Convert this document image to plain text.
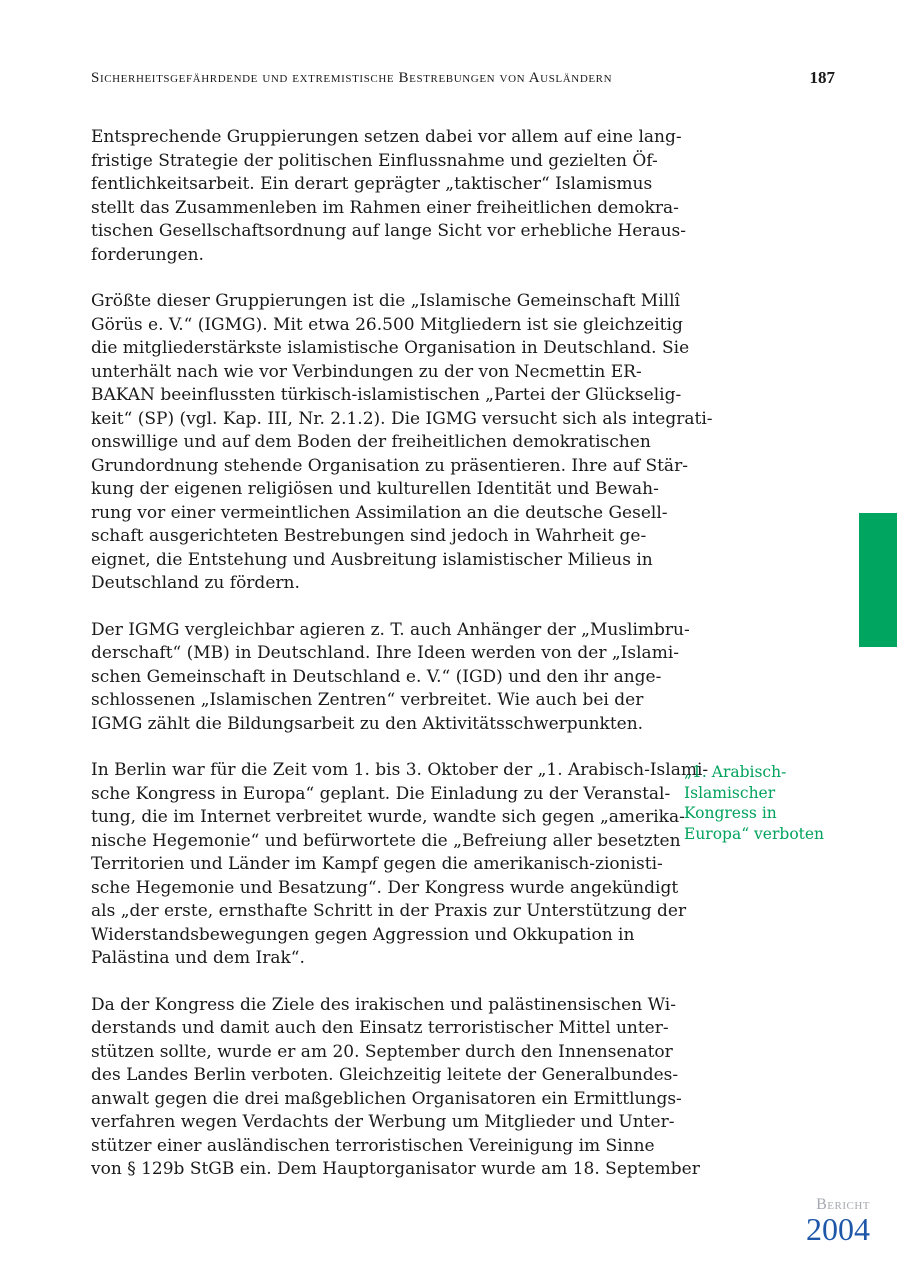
Sicherheitsgefährdende und extremistische Bestrebungen von Ausländern	187
Entsprechende Gruppierungen setzen dabei vor allem auf eine lang-
fristige Strategie der politischen Einflussnahme und gezielten Öf-
fentlichkeitsarbeit. Ein derart geprägter „taktischer“ Islamismus
stellt das Zusammenleben im Rahmen einer freiheitlichen demokra-
tischen Gesellschaftsordnung auf lange Sicht vor erhebliche Heraus-
forderungen.
Größte dieser Gruppierungen ist die „Islamische Gemeinschaft Millî
Görüs e. V.“ (IGMG). Mit etwa 26.500 Mitgliedern ist sie gleichzeitig
die mitgliederstärkste islamistische Organisation in Deutschland. Sie
unterhält nach wie vor Verbindungen zu der von Necmettin ER-
BAKAN beeinflussten türkisch-islamistischen „Partei der Glückselig-
keit“ (SP) (vgl. Kap. III, Nr. 2.1.2). Die IGMG versucht sich als integrati-
onswillige und auf dem Boden der freiheitlichen demokratischen
Grundordnung stehende Organisation zu präsentieren. Ihre auf Stär-
kung der eigenen religiösen und kulturellen Identität und Bewah-
rung vor einer vermeintlichen Assimilation an die deutsche Gesell-
schaft ausgerichteten Bestrebungen sind jedoch in Wahrheit ge-
eignet, die Entstehung und Ausbreitung islamistischer Milieus in
Deutschland zu fördern.
Der IGMG vergleichbar agieren z. T. auch Anhänger der „Muslimbru-
derschaft“ (MB) in Deutschland. Ihre Ideen werden von der „Islami-
schen Gemeinschaft in Deutschland e. V.“ (IGD) und den ihr ange-
schlossenen „Islamischen Zentren“ verbreitet. Wie auch bei der
IGMG zählt die Bildungsarbeit zu den Aktivitätsschwerpunkten.
In Berlin war für die Zeit vom 1. bis 3. Oktober der „1. Arabisch-Islami-
sche Kongress in Europa“ geplant. Die Einladung zu der Veranstal-
tung, die im Internet verbreitet wurde, wandte sich gegen „amerika-
nische Hegemonie“ und befürwortete die „Befreiung aller besetzten
Territorien und Länder im Kampf gegen die amerikanisch-zionisti-
sche Hegemonie und Besatzung“. Der Kongress wurde angekündigt
als „der erste, ernsthafte Schritt in der Praxis zur Unterstützung der
Widerstandsbewegungen gegen Aggression und Okkupation in
Palästina und dem Irak“.
Da der Kongress die Ziele des irakischen und palästinensischen Wi-
derstands und damit auch den Einsatz terroristischer Mittel unter-
stützen sollte, wurde er am 20. September durch den Innensenator
des Landes Berlin verboten. Gleichzeitig leitete der Generalbundes-
anwalt gegen die drei maßgeblichen Organisatoren ein Ermittlungs-
verfahren wegen Verdachts der Werbung um Mitglieder und Unter-
stützer einer ausländischen terroristischen Vereinigung im Sinne
von § 129b StGB ein. Dem Hauptorganisator wurde am 18. September
„1. Arabisch-
Islamischer
Kongress in
Europa“ verboten
Bericht
2004
